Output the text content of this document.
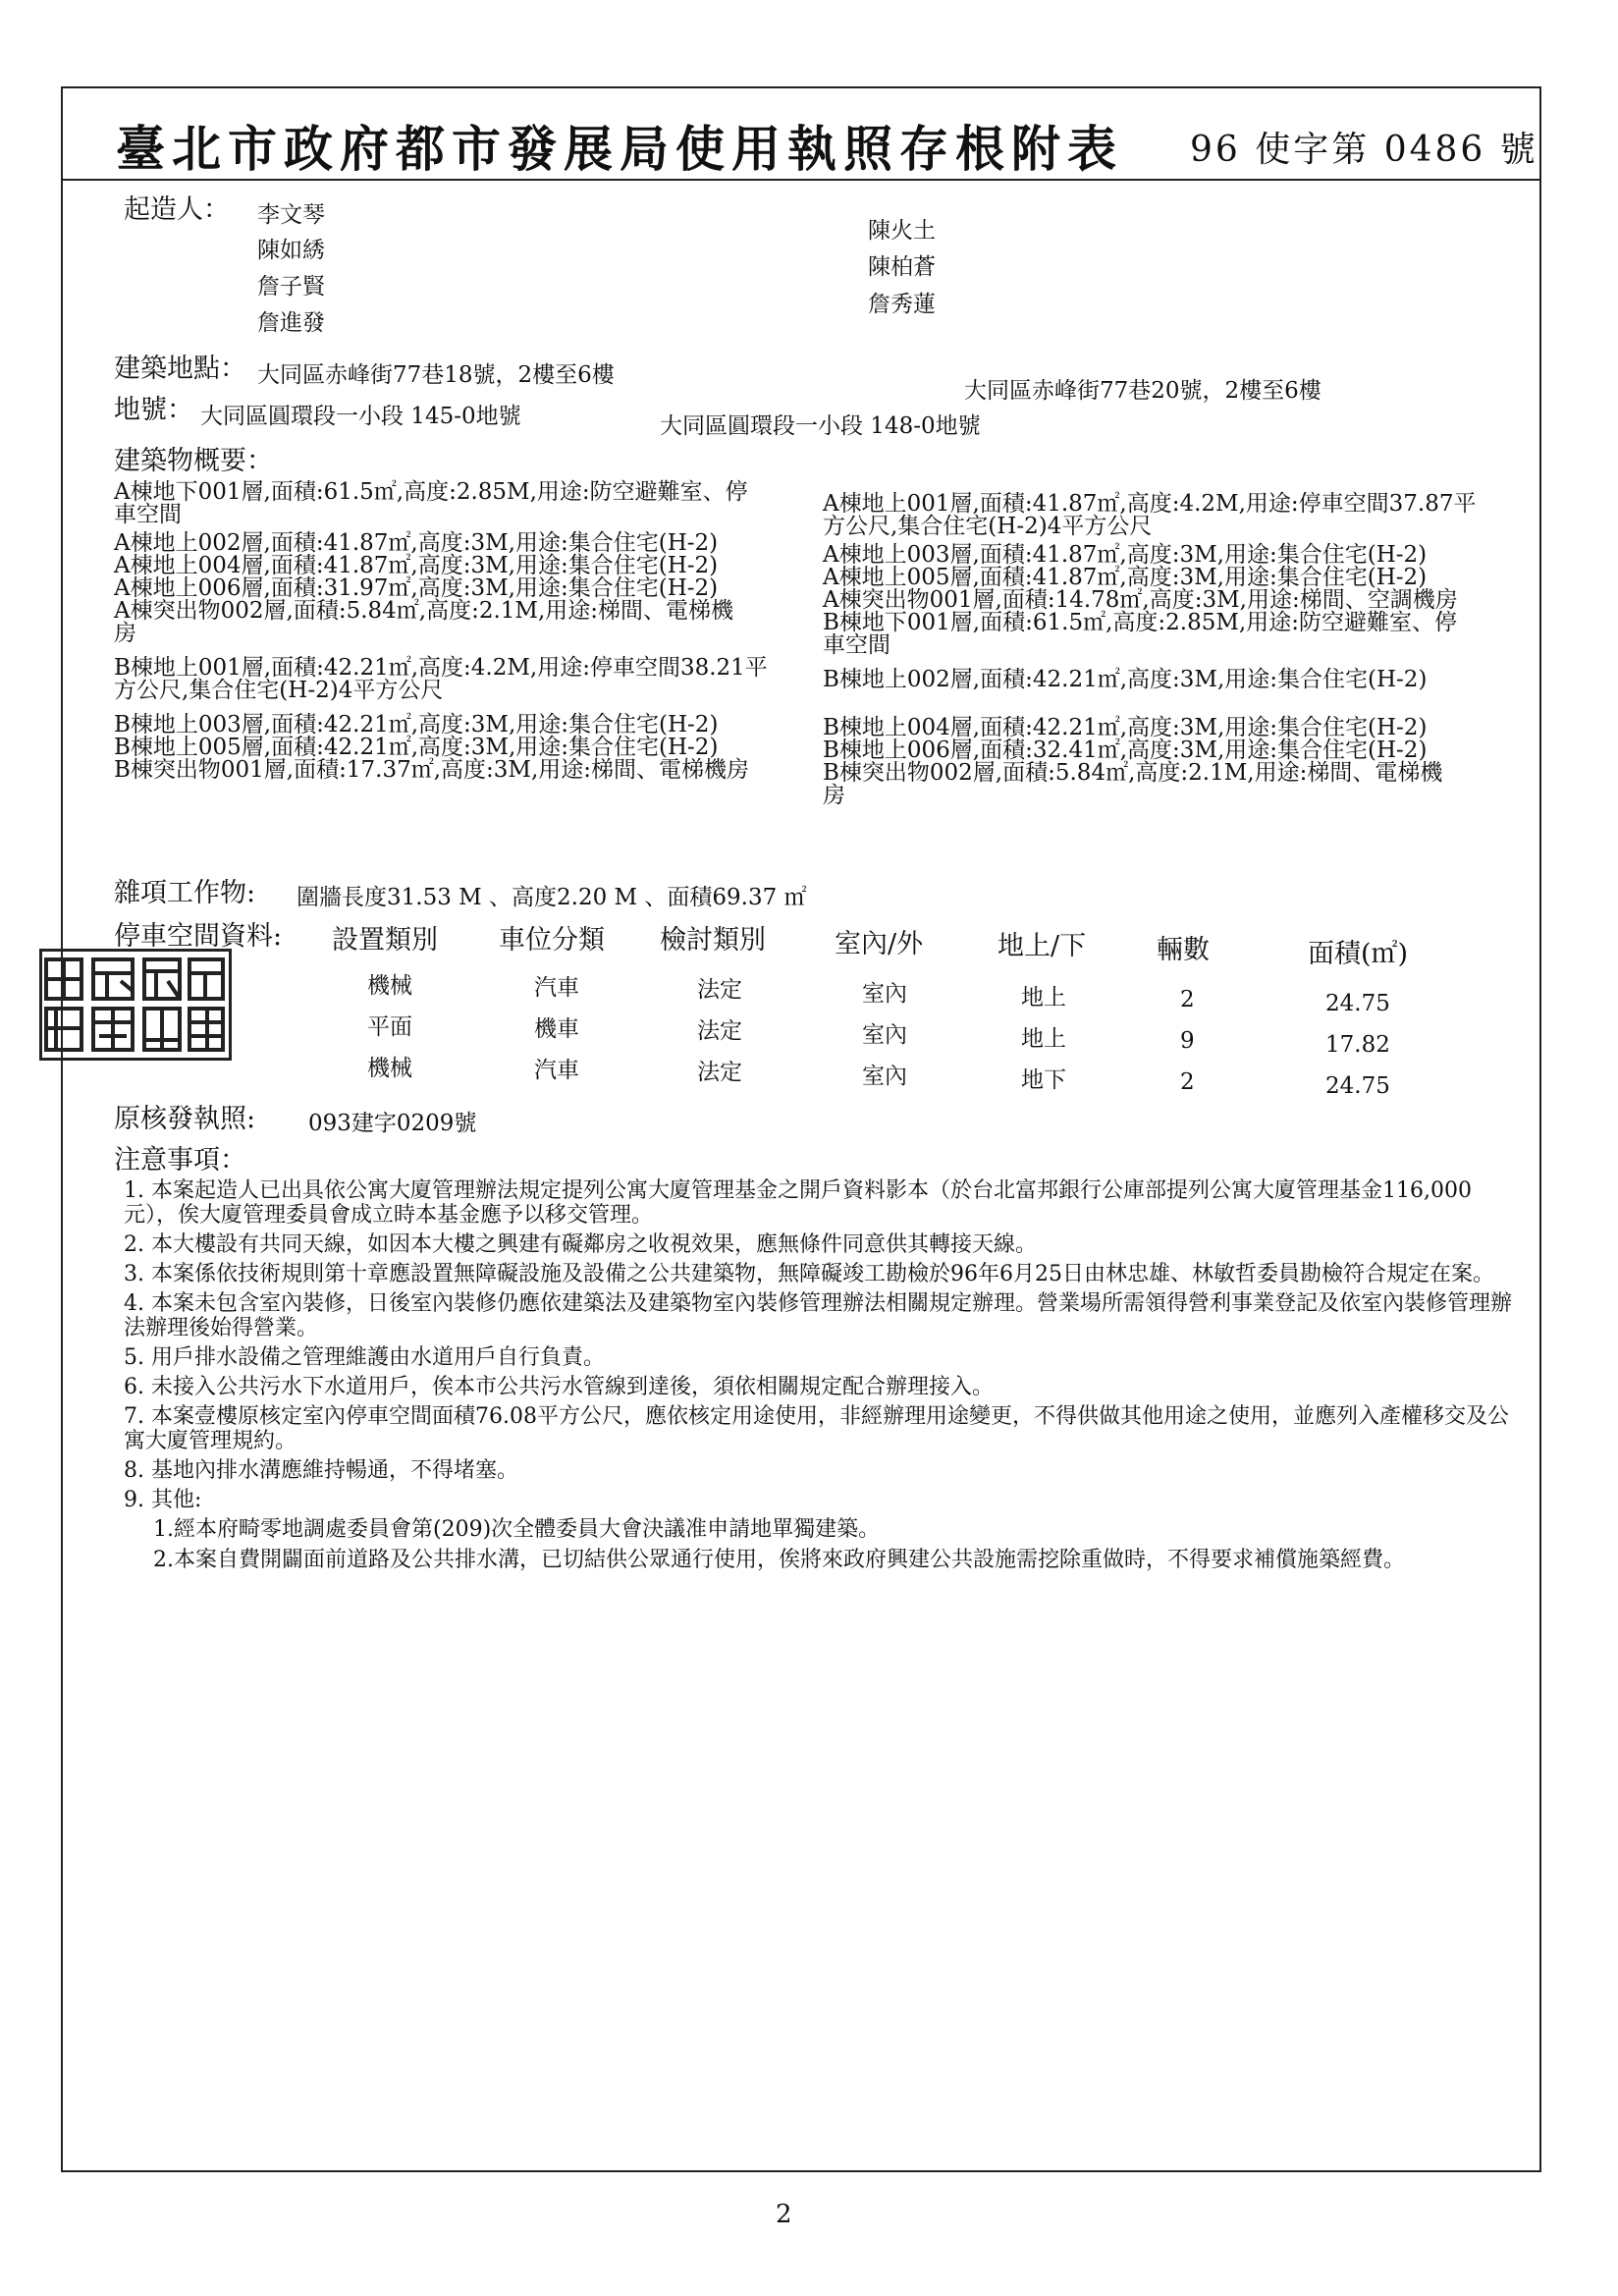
臺北市政府都市發展局使用執照存根附表 96 使字第 0486 號
起造人： 李文琴
陳如綉
詹子賢
詹進發
陳火土
陳柏蒼
詹秀蓮
建築地點： 大同區赤峰街77巷18號，2樓至6樓
大同區赤峰街77巷20號，2樓至6樓
地號： 大同區圓環段一小段 145-0地號	大同區圓環段一小段 148-0地號
建築物概要：

A棟地下001層,面積:61.5㎡,高度:2.85M,用途:防空避難室、停

車空間

A棟地上002層,面積:41.87㎡,高度:3M,用途:集合住宅(H-2)

A棟地上004層,面積:41.87㎡,高度:3M,用途:集合住宅(H-2)

A棟地上006層,面積:31.97㎡,高度:3M,用途:集合住宅(H-2)

A棟突出物002層,面積:5.84㎡,高度:2.1M,用途:梯間、電梯機

房

B棟地上001層,面積:42.21㎡,高度:4.2M,用途:停車空間38.21平

方公尺,集合住宅(H-2)4平方公尺

B棟地上003層,面積:42.21㎡,高度:3M,用途:集合住宅(H-2)

B棟地上005層,面積:42.21㎡,高度:3M,用途:集合住宅(H-2)

B棟突出物001層,面積:17.37㎡,高度:3M,用途:梯間、電梯機房

A棟地上001層,面積:41.87㎡,高度:4.2M,用途:停車空間37.87平

方公尺,集合住宅(H-2)4平方公尺

A棟地上003層,面積:41.87㎡,高度:3M,用途:集合住宅(H-2)

A棟地上005層,面積:41.87㎡,高度:3M,用途:集合住宅(H-2)

A棟突出物001層,面積:14.78㎡,高度:3M,用途:梯間、空調機房

B棟地下001層,面積:61.5㎡,高度:2.85M,用途:防空避難室、停

車空間

B棟地上002層,面積:42.21㎡,高度:3M,用途:集合住宅(H-2)

B棟地上004層,面積:42.21㎡,高度:3M,用途:集合住宅(H-2)

B棟地上006層,面積:32.41㎡,高度:3M,用途:集合住宅(H-2)

B棟突出物002層,面積:5.84㎡,高度:2.1M,用途:梯間、電梯機

房

雜項工作物: 圍牆長度31.53 M 、高度2.20 M 、面積69.37 ㎡
停車空間資料: 設置類別 車位分類 檢討類別	室內/外	地上/下	輛數	面積(㎡)
機械	汽車	法定	室內	地上	2	24.75
平面	機車	法定	室內	地上	9	17.82
機械	汽車	法定	室內	地下	2	24.75
原核發執照: 093建字0209號
注意事項：
1. 本案起造人已出具依公寓大廈管理辦法規定提列公寓大廈管理基金之開戶資料影本（於台北富邦銀行公庫部提列公寓大廈管理基金116,000元），俟大廈管理委員會成立時本基金應予以移交管理。
2. 本大樓設有共同天線，如因本大樓之興建有礙鄰房之收視效果，應無條件同意供其轉接天線。
3. 本案係依技術規則第十章應設置無障礙設施及設備之公共建築物，無障礙竣工勘檢於96年6月25日由林忠雄、林敏哲委員勘檢符合規定在案。
4. 本案未包含室內裝修，日後室內裝修仍應依建築法及建築物室內裝修管理辦法相關規定辦理。營業場所需領得營利事業登記及依室內裝修管理辦法辦理後始得營業。
5. 用戶排水設備之管理維護由水道用戶自行負責。
6. 未接入公共污水下水道用戶，俟本市公共污水管線到達後，須依相關規定配合辦理接入。
7. 本案壹樓原核定室內停車空間面積76.08平方公尺，應依核定用途使用，非經辦理用途變更，不得供做其他用途之使用，並應列入產權移交及公寓大廈管理規約。
8. 基地內排水溝應維持暢通，不得堵塞。
9. 其他:
1.經本府畸零地調處委員會第(209)次全體委員大會決議准申請地單獨建築。
2.本案自費開闢面前道路及公共排水溝，已切結供公眾通行使用，俟將來政府興建公共設施需挖除重做時，不得要求補償施築經費。
2
